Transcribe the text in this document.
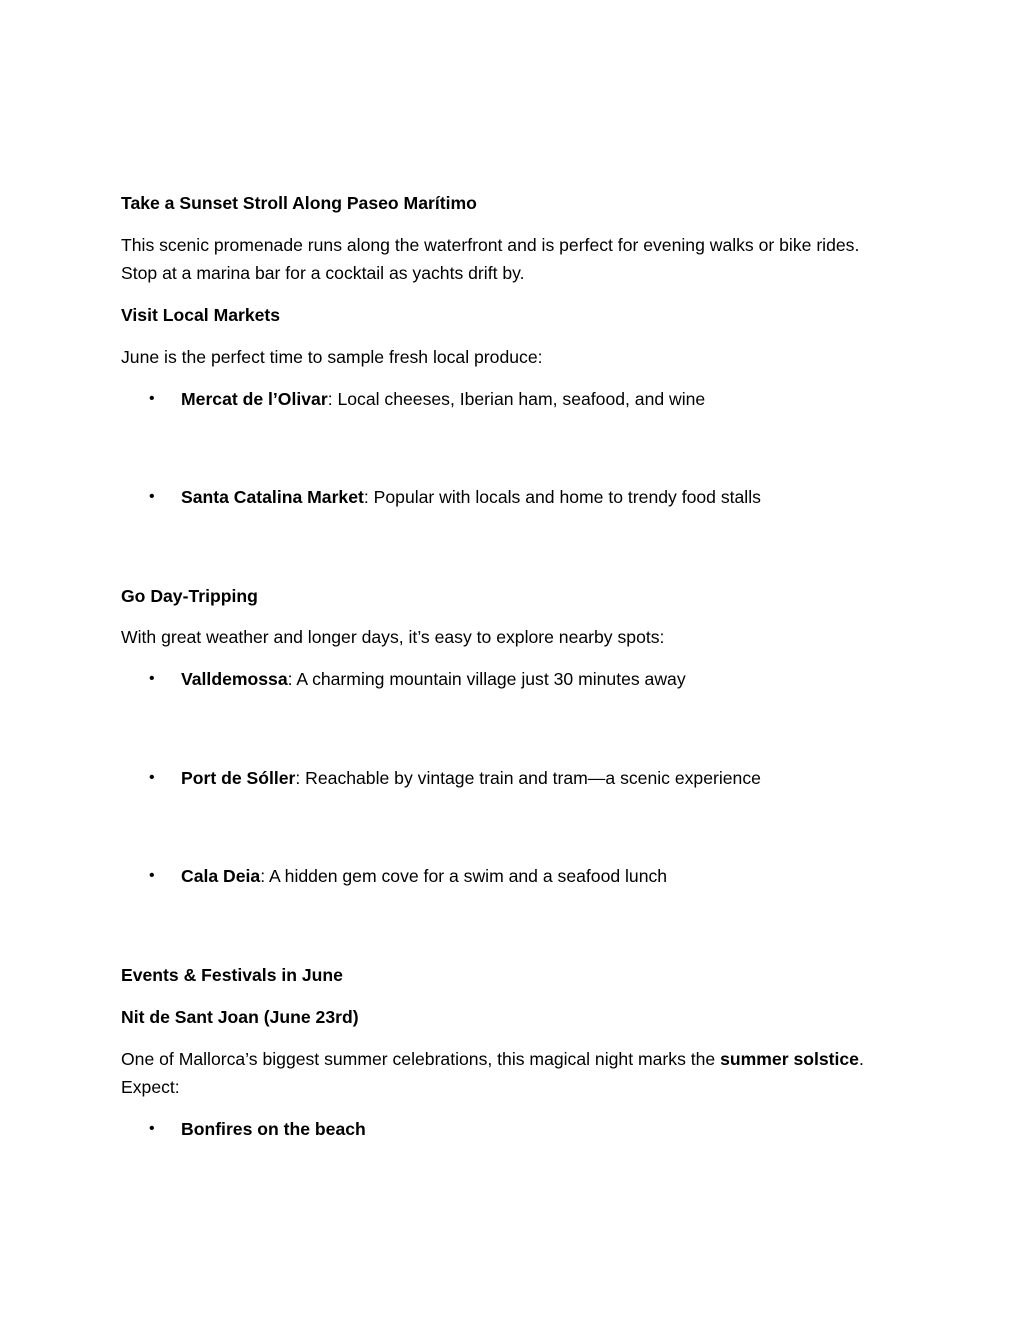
Take a Sunset Stroll Along Paseo Marítimo
This scenic promenade runs along the waterfront and is perfect for evening walks or bike rides.
Stop at a marina bar for a cocktail as yachts drift by.
Visit Local Markets
June is the perfect time to sample fresh local produce:
• Mercat de l’Olivar: Local cheeses, Iberian ham, seafood, and wine
• Santa Catalina Market: Popular with locals and home to trendy food stalls
Go Day-Tripping
With great weather and longer days, it’s easy to explore nearby spots:
• Valldemossa: A charming mountain village just 30 minutes away
• Port de Sóller: Reachable by vintage train and tram—a scenic experience
• Cala Deia: A hidden gem cove for a swim and a seafood lunch
Events & Festivals in June
Nit de Sant Joan (June 23rd)
One of Mallorca’s biggest summer celebrations, this magical night marks the summer solstice.
Expect:
• Bonfires on the beach
